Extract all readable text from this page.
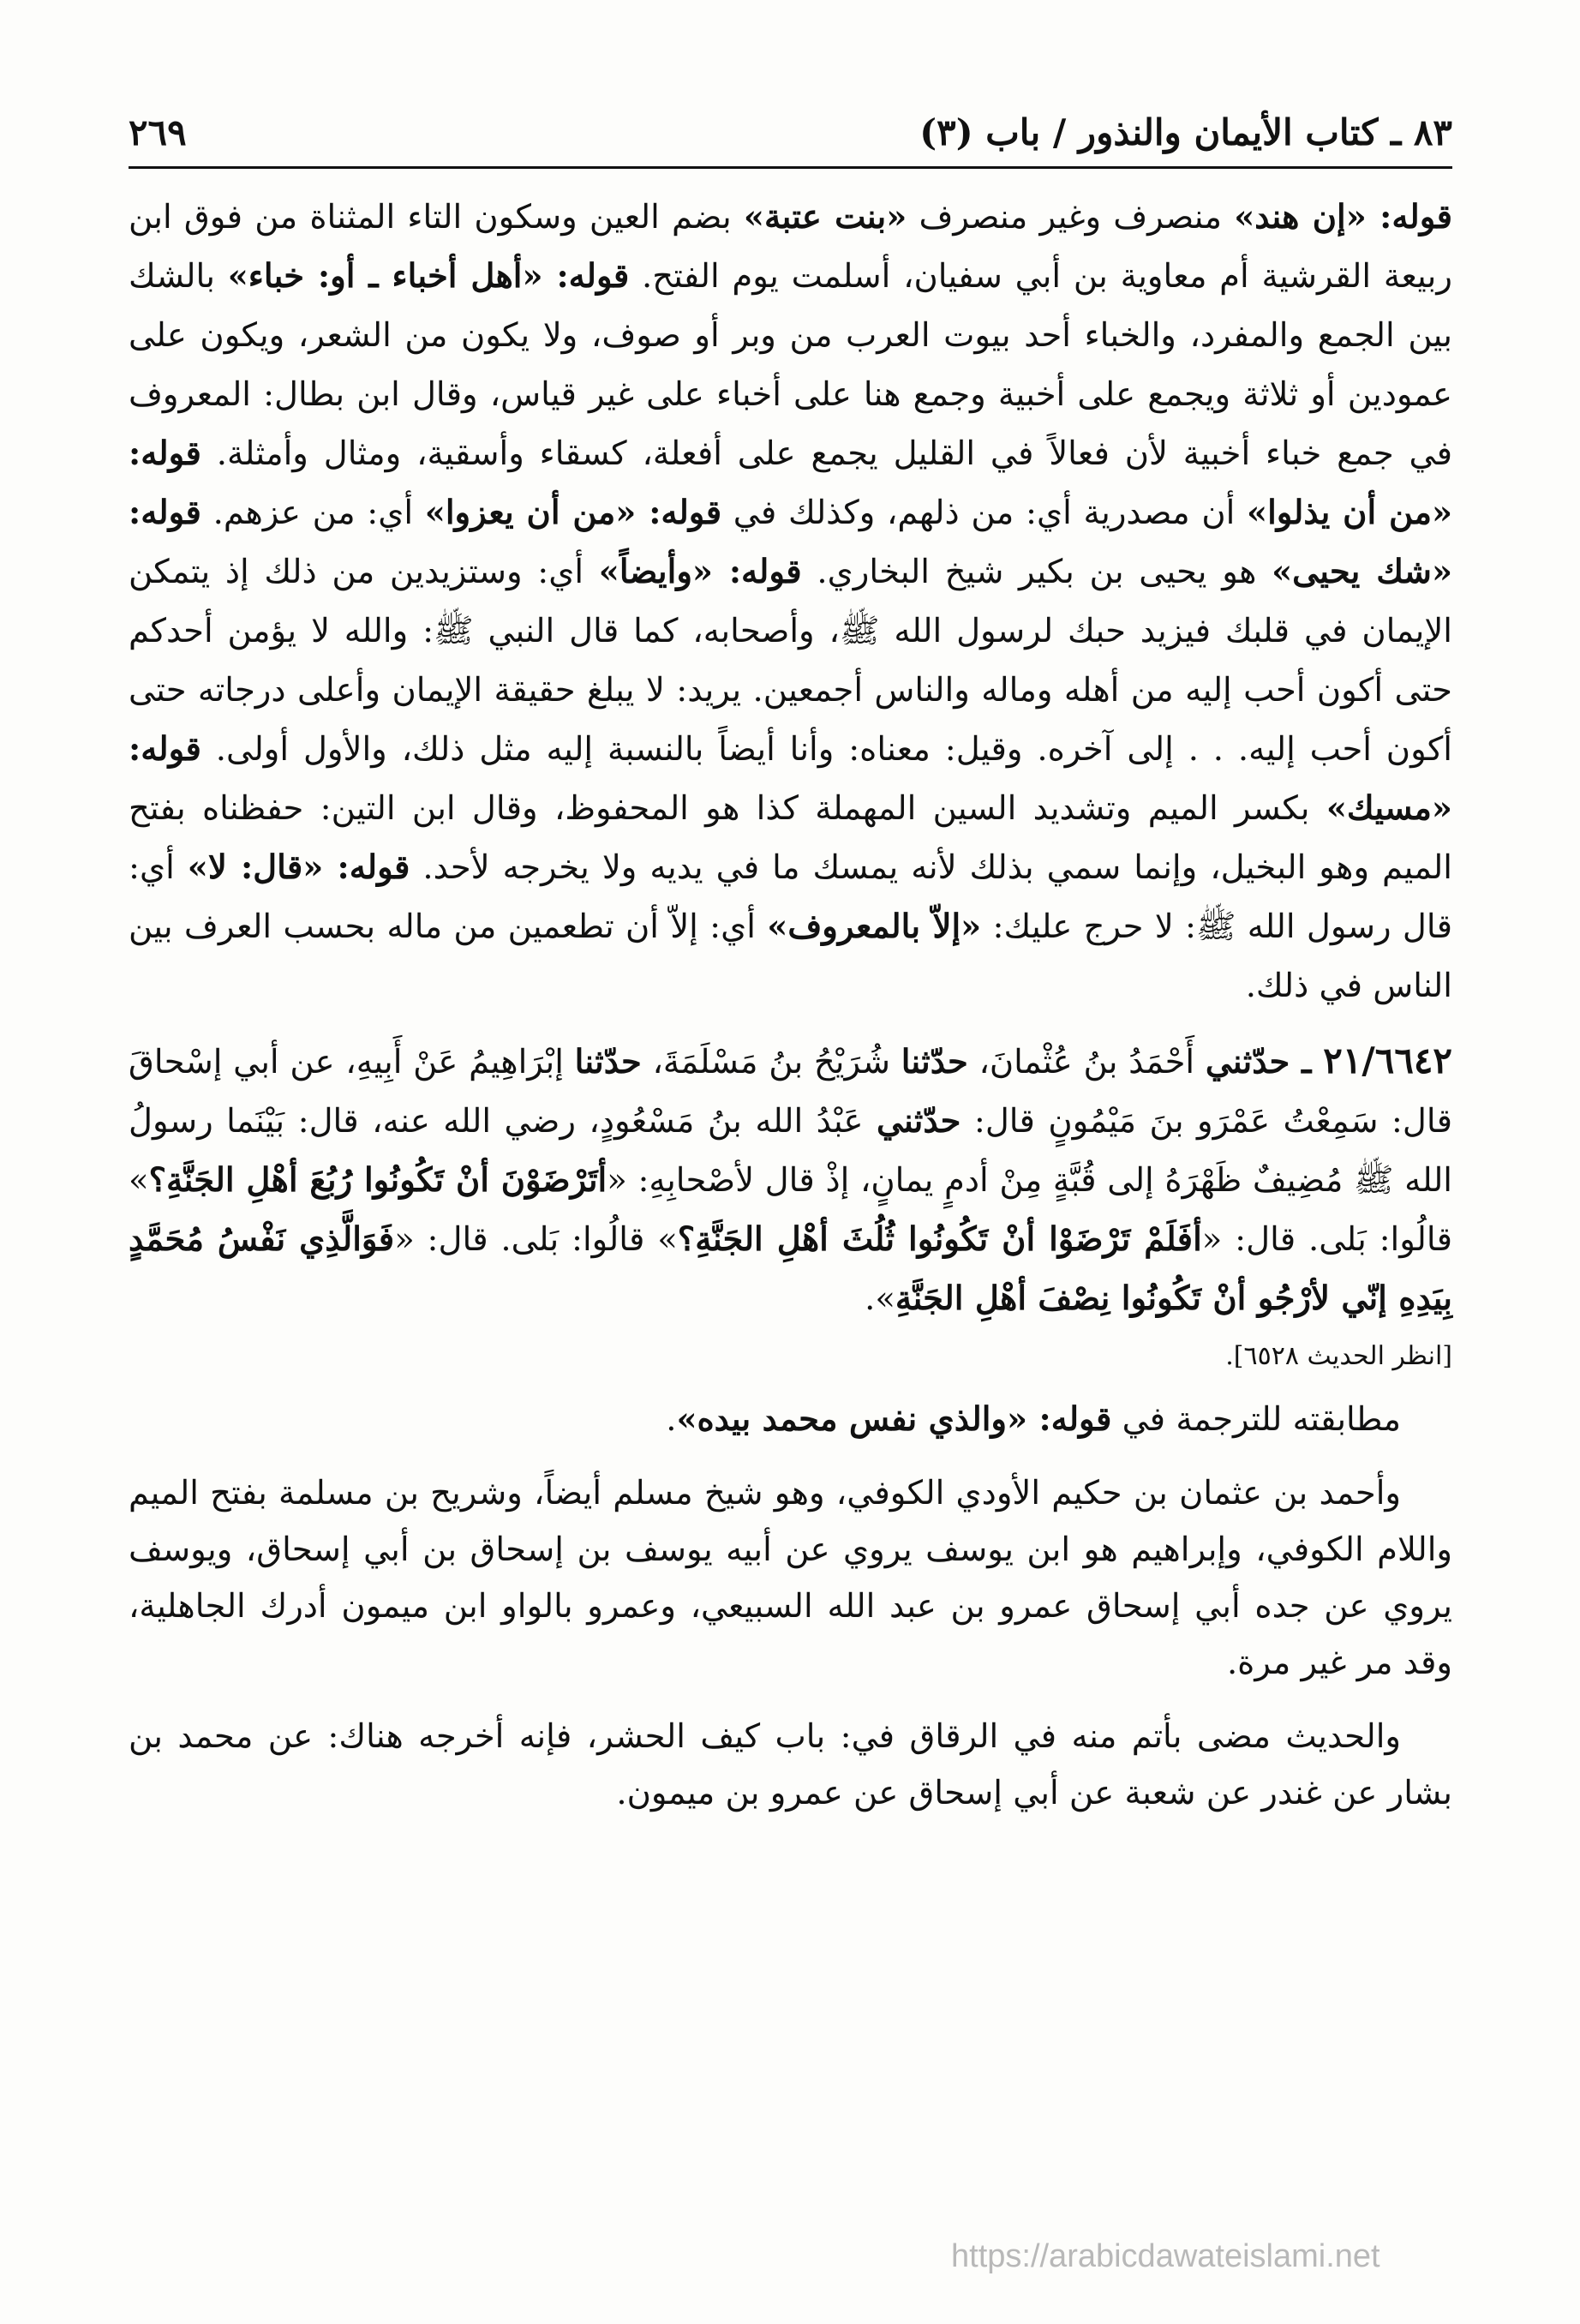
٨٣ ـ كتاب الأيمان والنذور / باب (٣)
٢٦٩

قوله: «إن هند» منصرف وغير منصرف «بنت عتبة» بضم العين وسكون التاء المثناة من فوق ابن ربيعة القرشية أم معاوية بن أبي سفيان، أسلمت يوم الفتح. قوله: «أهل أخباء ـ أو: خباء» بالشك بين الجمع والمفرد، والخباء أحد بيوت العرب من وبر أو صوف، ولا يكون من الشعر، ويكون على عمودين أو ثلاثة ويجمع على أخبية وجمع هنا على أخباء على غير قياس، وقال ابن بطال: المعروف في جمع خباء أخبية لأن فعالاً في القليل يجمع على أفعلة، كسقاء وأسقية، ومثال وأمثلة. قوله: «من أن يذلوا» أن مصدرية أي: من ذلهم، وكذلك في قوله: «من أن يعزوا» أي: من عزهم. قوله: «شك يحيى» هو يحيى بن بكير شيخ البخاري. قوله: «وأيضاً» أي: وستزيدين من ذلك إذ يتمكن الإيمان في قلبك فيزيد حبك لرسول الله ﷺ، وأصحابه، كما قال النبي ﷺ: والله لا يؤمن أحدكم حتى أكون أحب إليه من أهله وماله والناس أجمعين. يريد: لا يبلغ حقيقة الإيمان وأعلى درجاته حتى أكون أحب إليه. . . إلى آخره. وقيل: معناه: وأنا أيضاً بالنسبة إليه مثل ذلك، والأول أولى. قوله: «مسيك» بكسر الميم وتشديد السين المهملة كذا هو المحفوظ، وقال ابن التين: حفظناه بفتح الميم وهو البخيل، وإنما سمي بذلك لأنه يمسك ما في يديه ولا يخرجه لأحد. قوله: «قال: لا» أي: قال رسول الله ﷺ: لا حرج عليك: «إلاّ بالمعروف» أي: إلاّ أن تطعمين من ماله بحسب العرف بين الناس في ذلك.

٢١/٦٦٤٢ ـ حدّثني أَحْمَدُ بنُ عُثْمانَ، حدّثنا شُرَيْحُ بنُ مَسْلَمَةَ، حدّثنا إبْرَاهِيمُ عَنْ أَبِيهِ، عن أبي إسْحاقَ قال: سَمِعْتُ عَمْرَو بنَ مَيْمُونٍ قال: حدّثني عَبْدُ الله بنُ مَسْعُودٍ، رضي الله عنه، قال: بَيْنَما رسولُ الله ﷺ مُضِيفٌ ظَهْرَهُ إلى قُبَّةٍ مِنْ أدمٍ يمانٍ، إذْ قال لأصْحابِهِ: «أتَرْضَوْنَ أنْ تَكُونُوا رُبُعَ أهْلِ الجَنَّةِ؟» قالُوا: بَلى. قال: «أفَلَمْ تَرْضَوْا أنْ تَكُونُوا ثُلُثَ أهْلِ الجَنَّةِ؟» قالُوا: بَلى. قال: «فَوَالَّذِي نَفْسُ مُحَمَّدٍ بِيَدِهِ إنّي لأرْجُو أنْ تَكُونُوا نِصْفَ أهْلِ الجَنَّةِ».

[انظر الحديث ٦٥٢٨].

مطابقته للترجمة في قوله: «والذي نفس محمد بيده».

وأحمد بن عثمان بن حكيم الأودي الكوفي، وهو شيخ مسلم أيضاً، وشريح بن مسلمة بفتح الميم واللام الكوفي، وإبراهيم هو ابن يوسف يروي عن أبيه يوسف بن إسحاق بن أبي إسحاق، ويوسف يروي عن جده أبي إسحاق عمرو بن عبد الله السبيعي، وعمرو بالواو ابن ميمون أدرك الجاهلية، وقد مر غير مرة.

والحديث مضى بأتم منه في الرقاق في: باب كيف الحشر، فإنه أخرجه هناك: عن محمد بن بشار عن غندر عن شعبة عن أبي إسحاق عن عمرو بن ميمون.

https://arabicdawateislami.net
